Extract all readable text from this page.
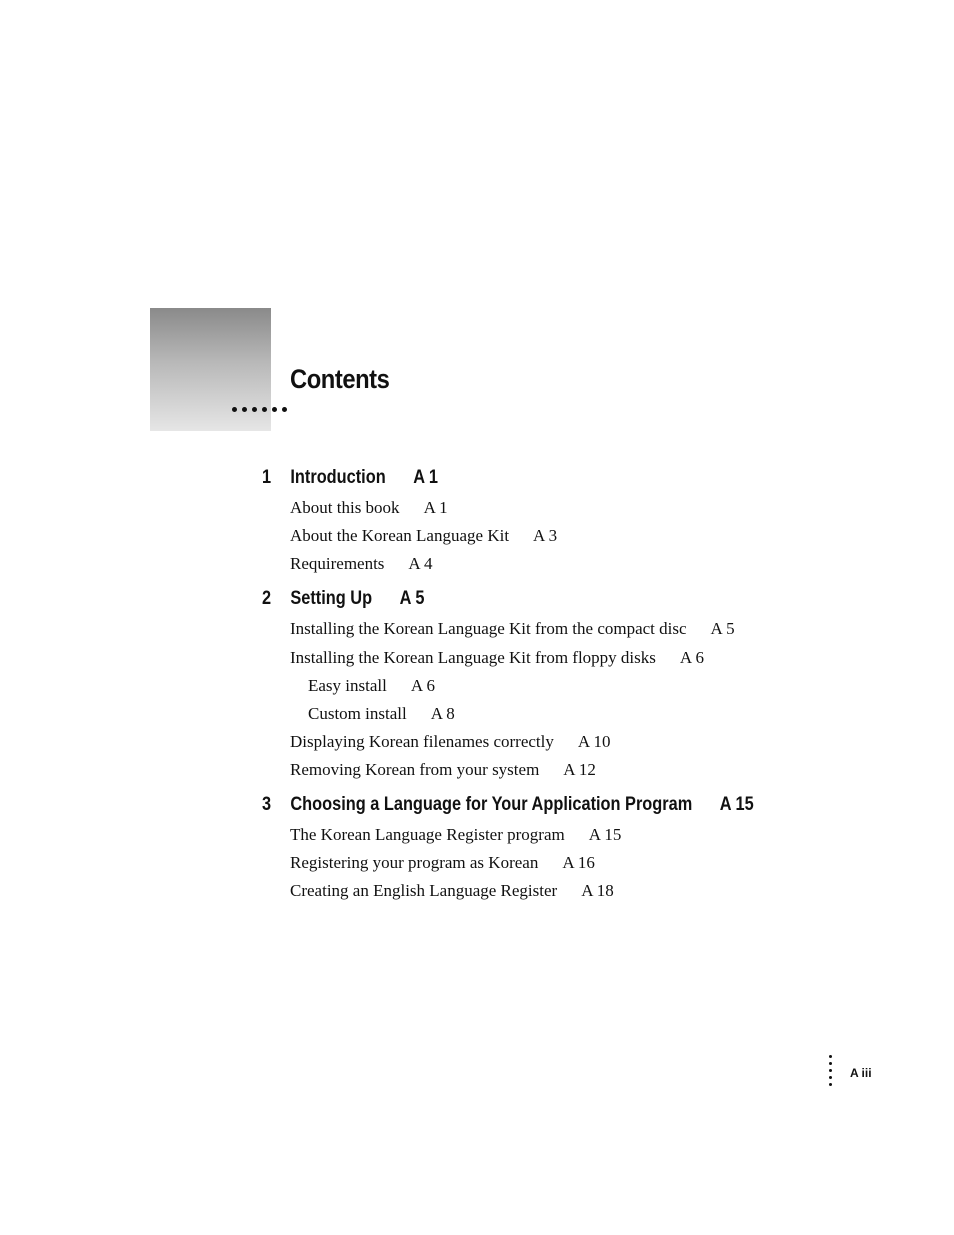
Contents
1 Introduction A 1
About this book A 1
About the Korean Language Kit A 3
Requirements A 4
2 Setting Up A 5
Installing the Korean Language Kit from the compact disc A 5
Installing the Korean Language Kit from floppy disks A 6
Easy install A 6
Custom install A 8
Displaying Korean filenames correctly A 10
Removing Korean from your system A 12
3 Choosing a Language for Your Application Program A 15
The Korean Language Register program A 15
Registering your program as Korean A 16
Creating an English Language Register A 18
A iii
